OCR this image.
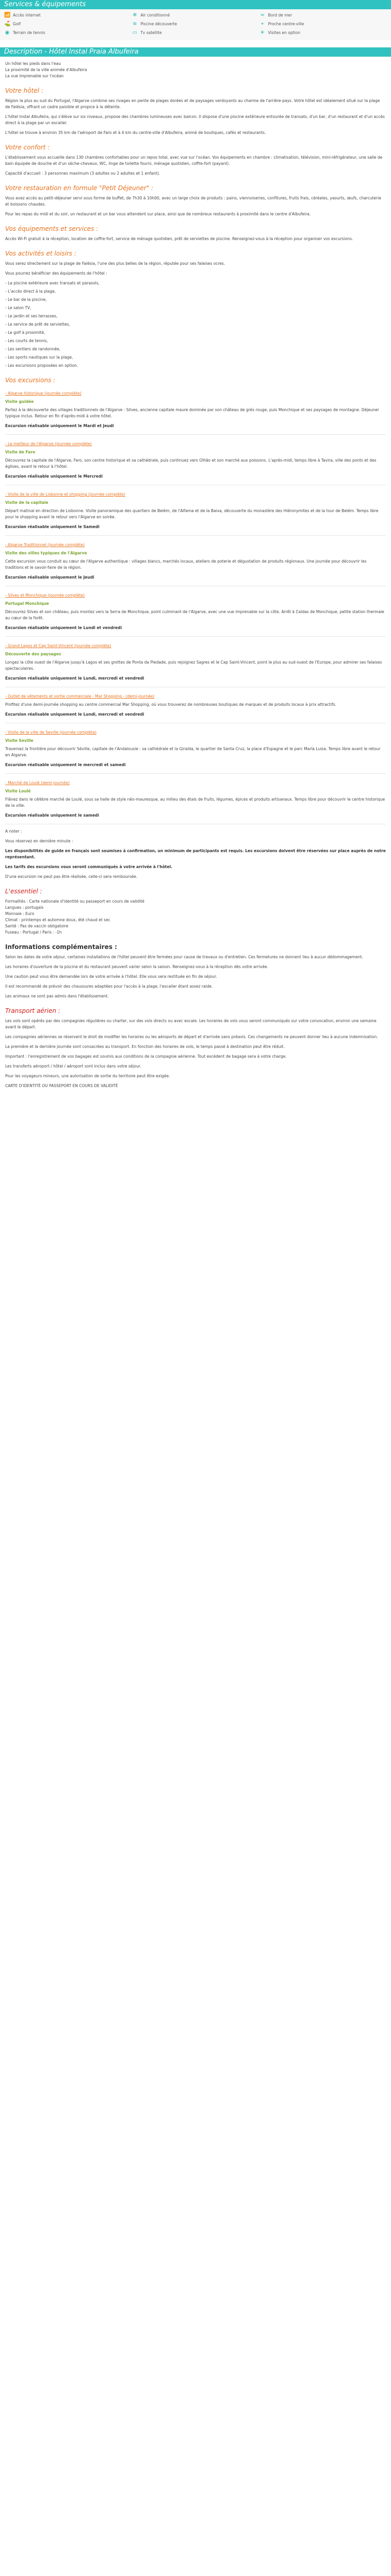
Services & équipements
📶 Accès internet	❄ Air conditionné	≈ Bord de mer
⛳ Golf	≋ Piscine découverte	⌖	Proche centre-ville
◉ Terrain de tennis	▭ Tv satellite	☀ Visites en option
Description - Hôtel Instal Praia Albufeira

Un hôtel les pieds dans l'eau
La proximité de la ville animée d'Albufeira
La vue imprenable sur l'océan

Votre hôtel :

Région la plus au sud du Portugal, l'Algarve combine ses rivages en pente de plages dorées et de paysages verdoyants au charme de l'arrière-pays. Votre hôtel est idéalement situé sur la plage de Falésia, offrant un cadre paisible et propice à la détente.

L'hôtel Instal Albufeira, qui s'élève sur six niveaux, propose des chambres lumineuses avec balcon. Il dispose d'une piscine extérieure entourée de transats, d'un bar, d'un restaurant et d'un accès direct à la plage par un escalier.

L'hôtel se trouve à environ 35 km de l'aéroport de Faro et à 4 km du centre-ville d'Albufeira, animé de boutiques, cafés et restaurants.

Votre confort :

L'établissement vous accueille dans 130 chambres confortables pour un repos total, avec vue sur l'océan. Vos équipements en chambre : climatisation, télévision, mini-réfrigérateur, une salle de bain équipée de douche et d'un sèche-cheveux, WC, linge de toilette fourni, ménage quotidien, coffre-fort (payant).

Capacité d'accueil : 3 personnes maximum (3 adultes ou 2 adultes et 1 enfant).

Votre restauration en formule "Petit Déjeuner" :

Vous avez accès au petit-déjeuner servi sous forme de buffet, de 7h30 à 10h00, avec un large choix de produits : pains, viennoiseries, confitures, fruits frais, céréales, yaourts, œufs, charcuterie et boissons chaudes.

Pour les repas du midi et du soir, un restaurant et un bar vous attendent sur place, ainsi que de nombreux restaurants à proximité dans le centre d'Albufeira.

Vos équipements et services :

Accès Wi-Fi gratuit à la réception, location de coffre-fort, service de ménage quotidien, prêt de serviettes de piscine. Renseignez-vous à la réception pour organiser vos excursions.

Vos activités et loisirs :

Vous serez directement sur la plage de Falésia, l'une des plus belles de la région, réputée pour ses falaises ocres.

Vous pourrez bénéficier des équipements de l'hôtel :

- La piscine extérieure avec transats et parasols,

- L'accès direct à la plage,

- Le bar de la piscine,

- Le salon TV,

- Le jardin et ses terrasses,

- Le service de prêt de serviettes,

- Le golf à proximité,

- Les courts de tennis,

- Les sentiers de randonnée,

- Les sports nautiques sur la plage,

- Les excursions proposées en option.

Vos excursions :
- Algarve historique (journée complète)

Visite guidée

Partez à la découverte des villages traditionnels de l'Algarve : Silves, ancienne capitale maure dominée par son château de grès rouge, puis Monchique et ses paysages de montagne. Déjeuner typique inclus. Retour en fin d'après-midi à votre hôtel.

Excursion réalisable uniquement le Mardi et Jeudi

- Le meilleur de l'Algarve (journée complète)

Visite de Faro

Découvrez la capitale de l'Algarve, Faro, son centre historique et sa cathédrale, puis continuez vers Olhão et son marché aux poissons. L'après-midi, temps libre à Tavira, ville des ponts et des églises, avant le retour à l'hôtel.

Excursion réalisable uniquement le Mercredi

- Visite de la ville de Lisbonne et shopping (journée complète)

Visite de la capitale

Départ matinal en direction de Lisbonne. Visite panoramique des quartiers de Belém, de l'Alfama et de la Baixa, découverte du monastère des Hiéronymites et de la tour de Belém. Temps libre pour le shopping avant le retour vers l'Algarve en soirée.

Excursion réalisable uniquement le Samedi

- Algarve Traditionnel (journée complète)

Visite des villes typiques de l'Algarve

Cette excursion vous conduit au cœur de l'Algarve authentique : villages blancs, marchés locaux, ateliers de poterie et dégustation de produits régionaux. Une journée pour découvrir les traditions et le savoir-faire de la région.

Excursion réalisable uniquement le Jeudi

- Silves et Monchique (journée complète)

Portugal Monchique

Découvrez Silves et son château, puis montez vers la Serra de Monchique, point culminant de l'Algarve, avec une vue imprenable sur la côte. Arrêt à Caldas de Monchique, petite station thermale au cœur de la forêt.

Excursion réalisable uniquement le Lundi et vendredi

- Grand Lagos et Cap Saint-Vincent (journée complète)

Découverte des paysages

Longez la côte ouest de l'Algarve jusqu'à Lagos et ses grottes de Ponta da Piedade, puis rejoignez Sagres et le Cap Saint-Vincent, point le plus au sud-ouest de l'Europe, pour admirer ses falaises spectaculaires.

Excursion réalisable uniquement le Lundi, mercredi et vendredi

- Outlet de vêtements et sortie commerciale - Mar Shopping - (demi-journée)

Profitez d'une demi-journée shopping au centre commercial Mar Shopping, où vous trouverez de nombreuses boutiques de marques et de produits locaux à prix attractifs.

Excursion réalisable uniquement le Lundi, mercredi et vendredi

- Visite de la ville de Seville (journée complète)

Visite Seville

Traversez la frontière pour découvrir Séville, capitale de l'Andalousie : sa cathédrale et la Giralda, le quartier de Santa Cruz, la place d'Espagne et le parc María Luisa. Temps libre avant le retour en Algarve.

Excursion réalisable uniquement le mercredi et samedi

- Marché de Loulé (demi-journée)

Visite Loulé

Flânez dans le célèbre marché de Loulé, sous sa halle de style néo-mauresque, au milieu des étals de fruits, légumes, épices et produits artisanaux. Temps libre pour découvrir le centre historique de la ville.

Excursion réalisable uniquement le samedi

A noter :

Vous réservez en dernière minute :

Les disponibilités de guide en français sont soumises à confirmation, un minimum de participants est requis. Les excursions doivent être réservées sur place auprès de notre représentant.

Les tarifs des excursions vous seront communiqués à votre arrivée à l'hôtel.

D'une excursion ne peut pas être réalisée, celle-ci sera remboursée.

L'essentiel :

Formalités : Carte nationale d'identité ou passeport en cours de validité
Langues : portugais
Monnaie : Euro
Climat : printemps et automne doux, été chaud et sec
Santé : Pas de vaccin obligatoire
Fuseau : Portugal / Paris : -1h

Informations complémentaires :

Selon les dates de votre séjour, certaines installations de l'hôtel peuvent être fermées pour cause de travaux ou d'entretien. Ces fermetures ne donnent lieu à aucun dédommagement.

Les horaires d'ouverture de la piscine et du restaurant peuvent varier selon la saison. Renseignez-vous à la réception dès votre arrivée.

Une caution peut vous être demandée lors de votre arrivée à l'hôtel. Elle vous sera restituée en fin de séjour.

Il est recommandé de prévoir des chaussures adaptées pour l'accès à la plage, l'escalier étant assez raide.

Les animaux ne sont pas admis dans l'établissement.

Transport aérien :

Les vols sont opérés par des compagnies régulières ou charter, sur des vols directs ou avec escale. Les horaires de vols vous seront communiqués sur votre convocation, environ une semaine avant le départ.

Les compagnies aériennes se réservent le droit de modifier les horaires ou les aéroports de départ et d'arrivée sans préavis. Ces changements ne peuvent donner lieu à aucune indemnisation.

La première et la dernière journée sont consacrées au transport. En fonction des horaires de vols, le temps passé à destination peut être réduit.

Important : l'enregistrement de vos bagages est soumis aux conditions de la compagnie aérienne. Tout excédent de bagage sera à votre charge.

Les transferts aéroport / hôtel / aéroport sont inclus dans votre séjour.

Pour les voyageurs mineurs, une autorisation de sortie du territoire peut être exigée.

CARTE D'IDENTITÉ OU PASSEPORT EN COURS DE VALIDITÉ
